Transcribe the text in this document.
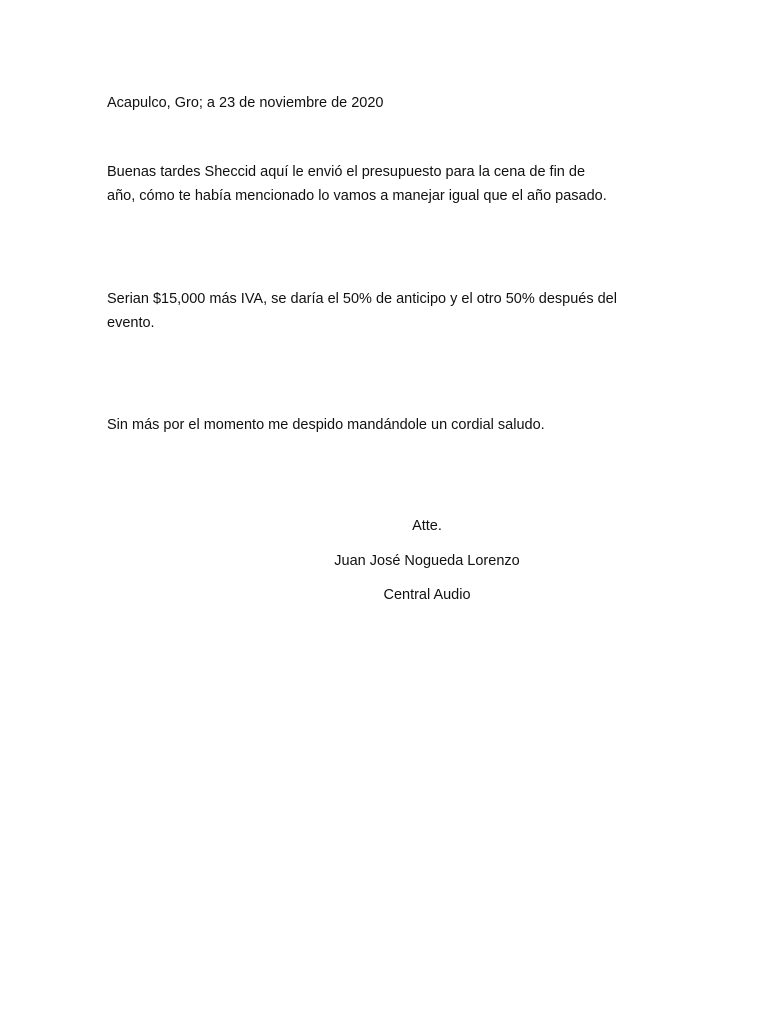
Acapulco, Gro; a 23 de noviembre de 2020
Buenas tardes Sheccid aquí le envió el presupuesto para la cena de fin de
año, cómo te había mencionado lo vamos a manejar igual que el año pasado.
Serian $15,000 más IVA, se daría el 50% de anticipo y el otro 50% después del
evento.
Sin más por el momento me despido mandándole un cordial saludo.
Atte.
Juan José Nogueda Lorenzo
Central Audio
